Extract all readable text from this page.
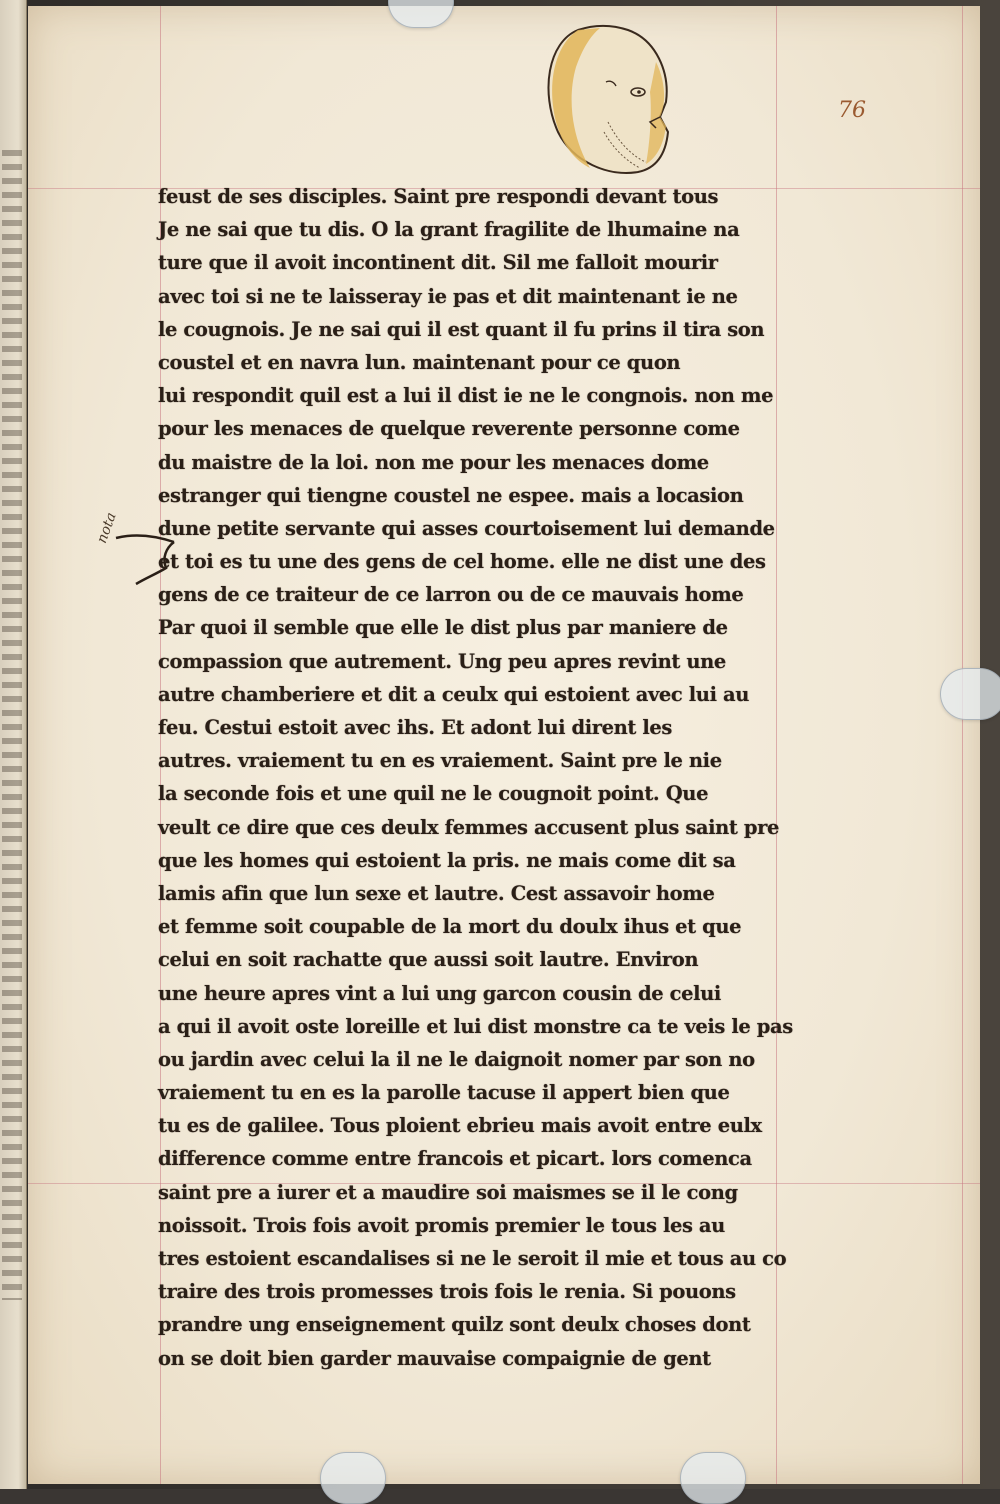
76
nota
feust de ses disciples. Saint pre respondi devant tous
Je ne sai que tu dis. O la grant fragilite de lhumaine na
ture que il avoit incontinent dit. Sil me falloit mourir
avec toi si ne te laisseray ie pas et dit maintenant ie ne
le cougnois. Je ne sai qui il est quant il fu prins il tira son
coustel et en navra lun. maintenant pour ce quon
lui respondit quil est a lui il dist ie ne le congnois. non me
pour les menaces de quelque reverente personne come
du maistre de la loi. non me pour les menaces dome
estranger qui tiengne coustel ne espee. mais a locasion
dune petite servante qui asses courtoisement lui demande
et toi es tu une des gens de cel home. elle ne dist une des
gens de ce traiteur de ce larron ou de ce mauvais home
Par quoi il semble que elle le dist plus par maniere de
compassion que autrement. Ung peu apres revint une
autre chamberiere et dit a ceulx qui estoient avec lui au
feu. Cestui estoit avec ihs. Et adont lui dirent les
autres. vraiement tu en es vraiement. Saint pre le nie
la seconde fois et une quil ne le cougnoit point. Que
veult ce dire que ces deulx femmes accusent plus saint pre
que les homes qui estoient la pris. ne mais come dit sa
lamis afin que lun sexe et lautre. Cest assavoir home
et femme soit coupable de la mort du doulx ihus et que
celui en soit rachatte que aussi soit lautre. Environ
une heure apres vint a lui ung garcon cousin de celui
a qui il avoit oste loreille et lui dist monstre ca te veis le pas
ou jardin avec celui la il ne le daignoit nomer par son no
vraiement tu en es la parolle tacuse il appert bien que
tu es de galilee. Tous ploient ebrieu mais avoit entre eulx
difference comme entre francois et picart. lors comenca
saint pre a iurer et a maudire soi maismes se il le cong
noissoit. Trois fois avoit promis premier le tous les au
tres estoient escandalises si ne le seroit il mie et tous au co
traire des trois promesses trois fois le renia. Si pouons
prandre ung enseignement quilz sont deulx choses dont
on se doit bien garder mauvaise compaignie de gent
